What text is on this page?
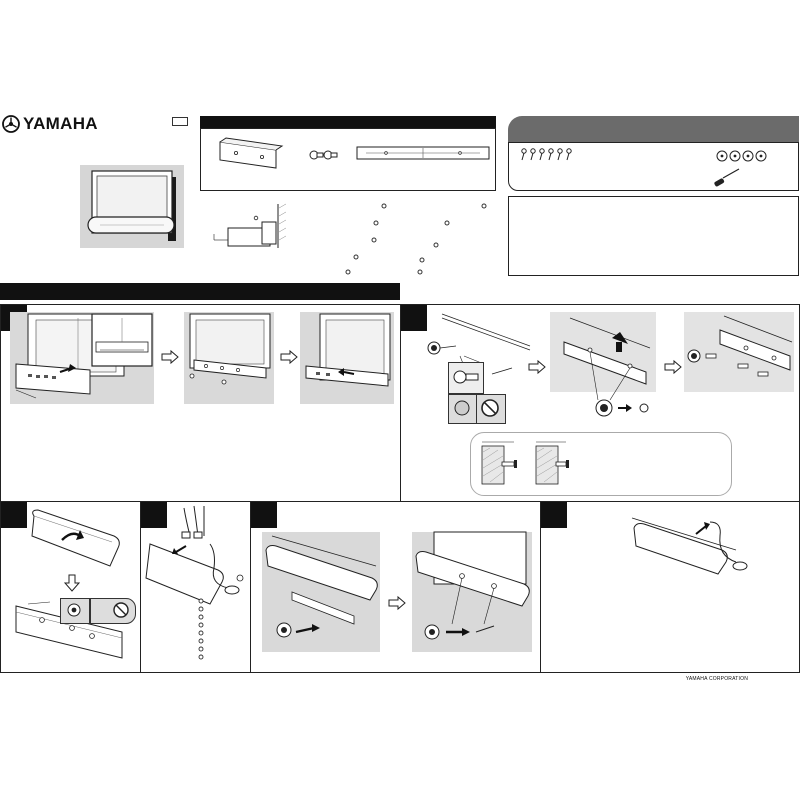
YAMAHA
YAMAHA CORPORATION
